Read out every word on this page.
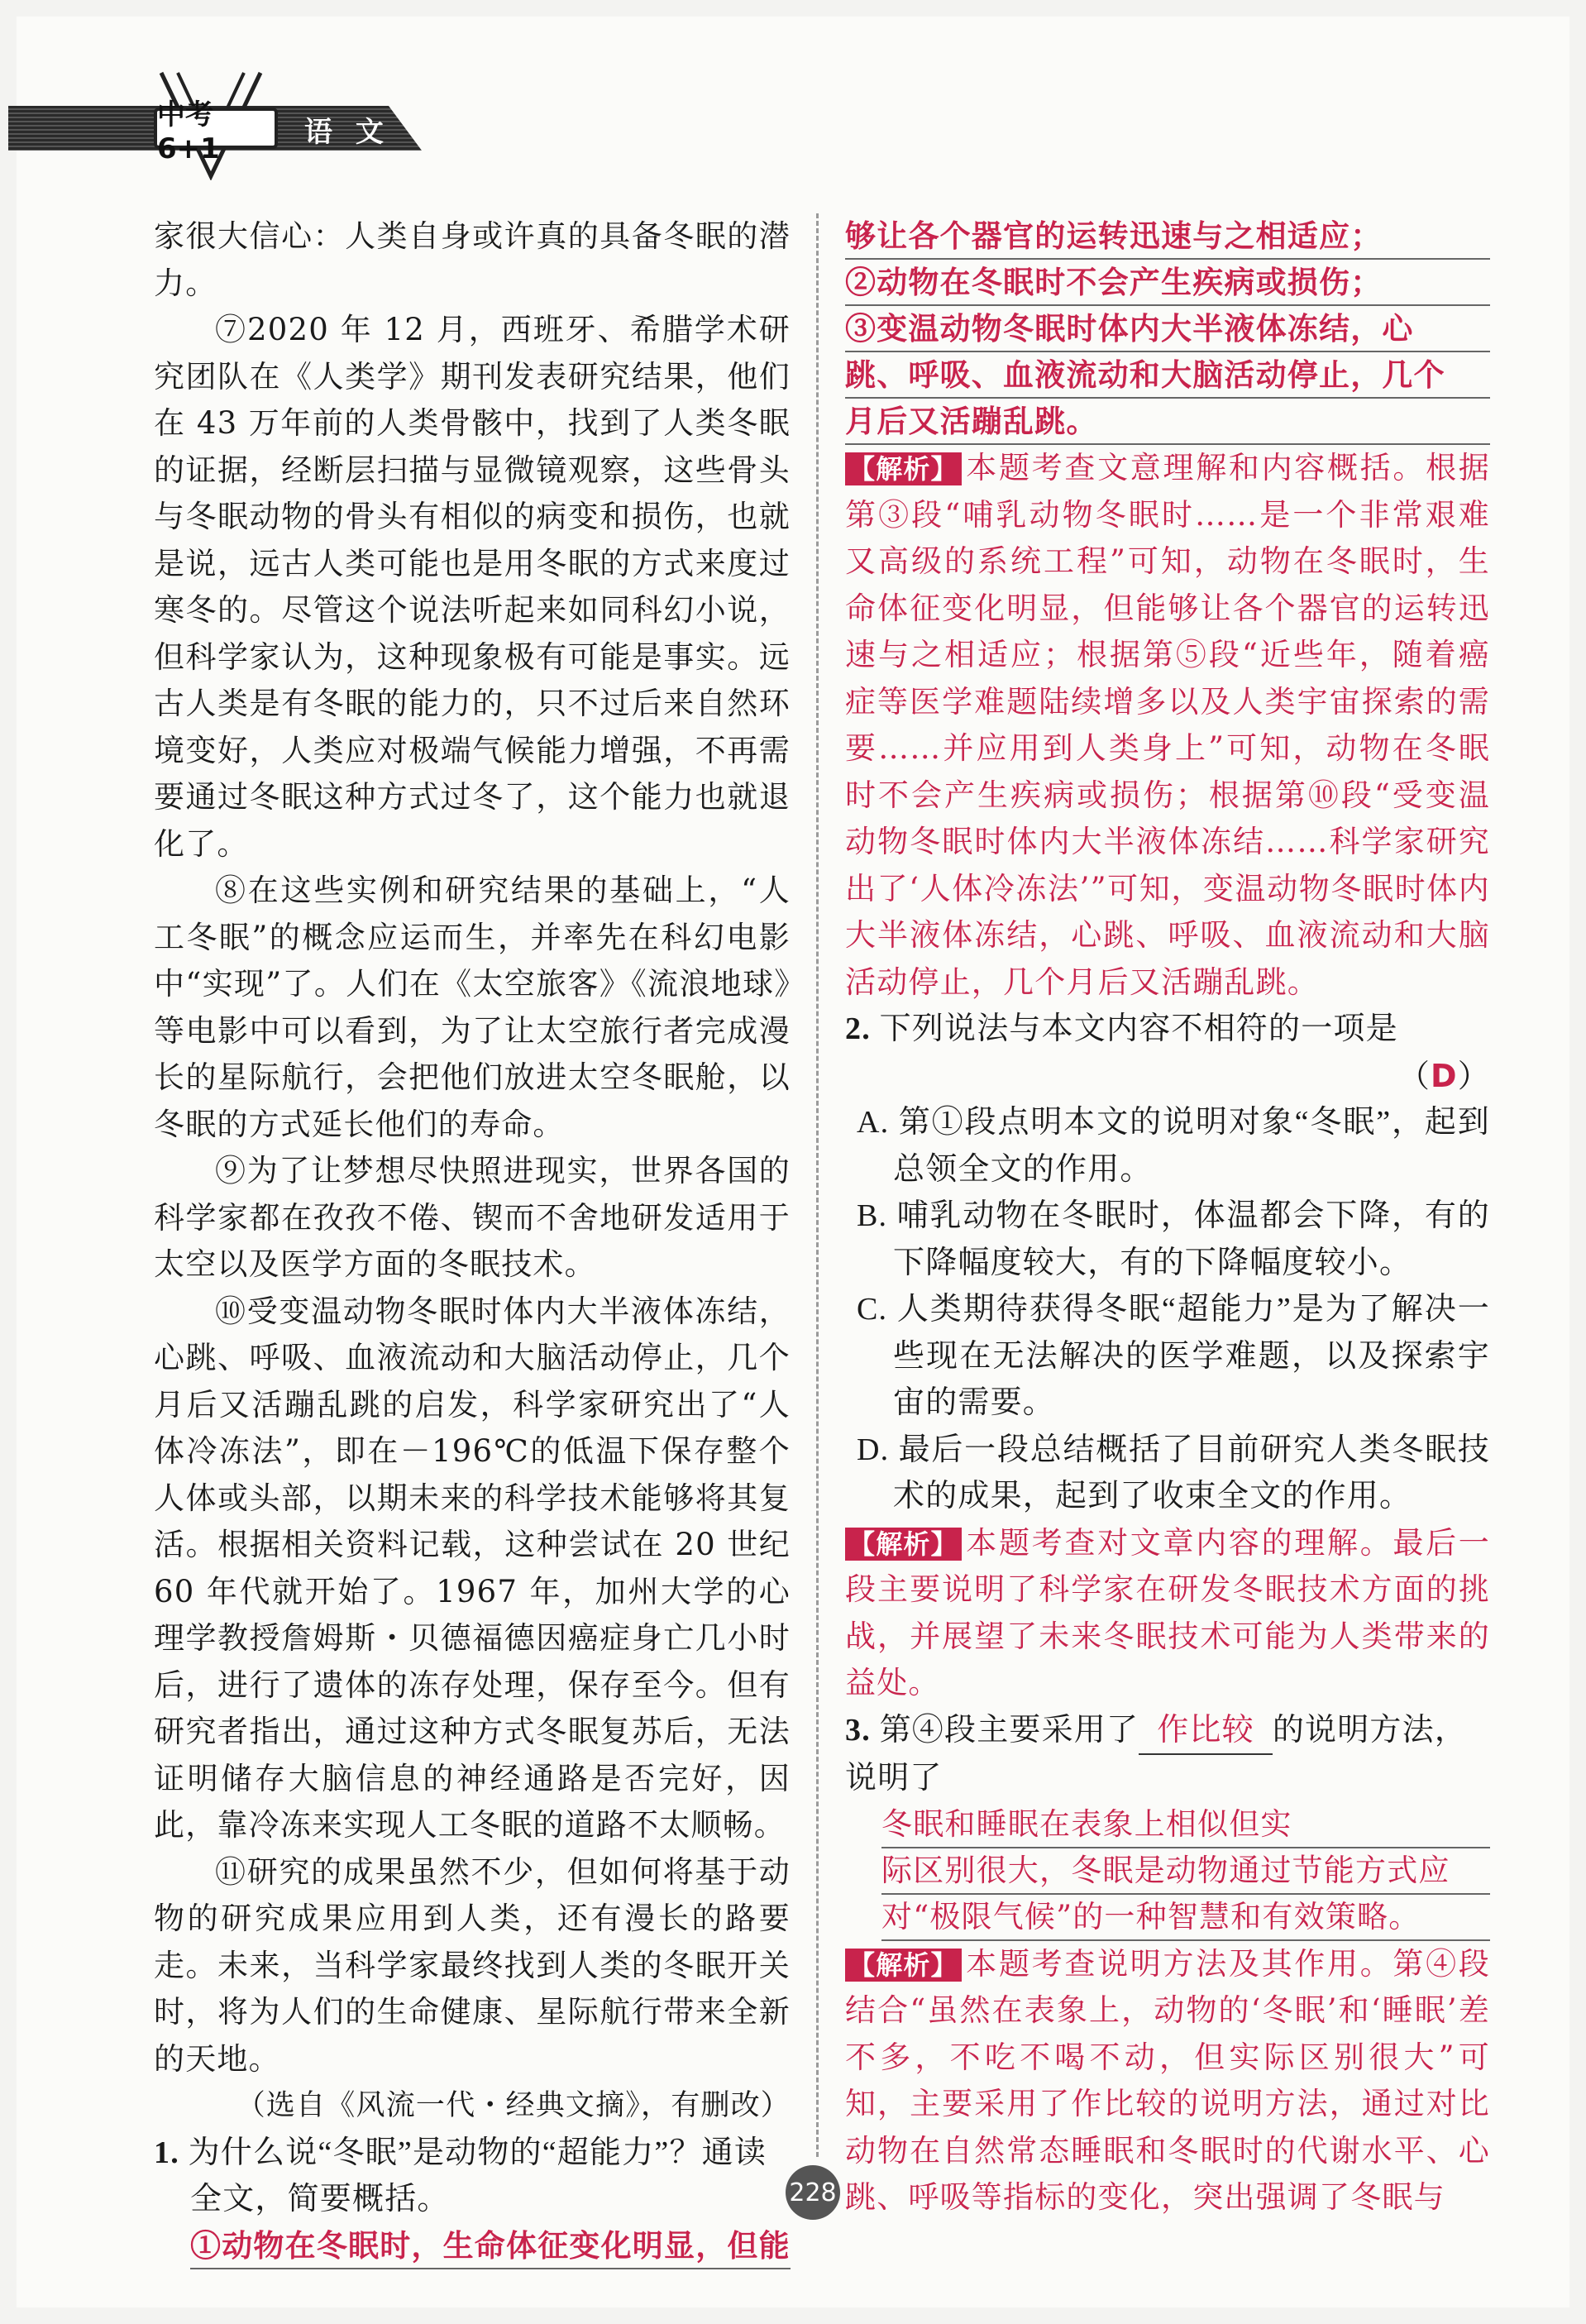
中考6+1	语 文

家很大信心：人类自身或许真的具备冬眠的潜力。

⑦2020 年 12 月，西班牙、希腊学术研究团队在《人类学》期刊发表研究结果，他们在 43 万年前的人类骨骸中，找到了人类冬眠的证据，经断层扫描与显微镜观察，这些骨头与冬眠动物的骨头有相似的病变和损伤，也就是说，远古人类可能也是用冬眠的方式来度过寒冬的。尽管这个说法听起来如同科幻小说，但科学家认为，这种现象极有可能是事实。远古人类是有冬眠的能力的，只不过后来自然环境变好，人类应对极端气候能力增强，不再需要通过冬眠这种方式过冬了，这个能力也就退化了。

⑧在这些实例和研究结果的基础上，“人工冬眠”的概念应运而生，并率先在科幻电影中“实现”了。人们在《太空旅客》《流浪地球》等电影中可以看到，为了让太空旅行者完成漫长的星际航行，会把他们放进太空冬眠舱，以冬眠的方式延长他们的寿命。

⑨为了让梦想尽快照进现实，世界各国的科学家都在孜孜不倦、锲而不舍地研发适用于太空以及医学方面的冬眠技术。

⑩受变温动物冬眠时体内大半液体冻结，心跳、呼吸、血液流动和大脑活动停止，几个月后又活蹦乱跳的启发，科学家研究出了“人体冷冻法”，即在－196℃的低温下保存整个人体或头部，以期未来的科学技术能够将其复活。根据相关资料记载，这种尝试在 20 世纪 60 年代就开始了。1967 年，加州大学的心理学教授詹姆斯・贝德福德因癌症身亡几小时后，进行了遗体的冻存处理，保存至今。但有研究者指出，通过这种方式冬眠复苏后，无法证明储存大脑信息的神经通路是否完好，因此，靠冷冻来实现人工冬眠的道路不太顺畅。

⑪研究的成果虽然不少，但如何将基于动物的研究成果应用到人类，还有漫长的路要走。未来，当科学家最终找到人类的冬眠开关时，将为人们的生命健康、星际航行带来全新的天地。

（选自《风流一代・经典文摘》，有删改）

1. 为什么说“冬眠”是动物的“超能力”？通读全文，简要概括。

①动物在冬眠时，生命体征变化明显，但能

够让各个器官的运转迅速与之相适应；

②动物在冬眠时不会产生疾病或损伤；

③变温动物冬眠时体内大半液体冻结，心

跳、呼吸、血液流动和大脑活动停止，几个

月后又活蹦乱跳。

【解析】 本题考查文意理解和内容概括。根据第③段“哺乳动物冬眠时……是一个非常艰难又高级的系统工程”可知，动物在冬眠时，生命体征变化明显，但能够让各个器官的运转迅速与之相适应；根据第⑤段“近些年，随着癌症等医学难题陆续增多以及人类宇宙探索的需要……并应用到人类身上”可知，动物在冬眠时不会产生疾病或损伤；根据第⑩段“受变温动物冬眠时体内大半液体冻结……科学家研究出了‘人体冷冻法’”可知，变温动物冬眠时体内大半液体冻结，心跳、呼吸、血液流动和大脑活动停止，几个月后又活蹦乱跳。

2. 下列说法与本文内容不相符的一项是

（D）

A. 第①段点明本文的说明对象“冬眠”，起到总领全文的作用。

B. 哺乳动物在冬眠时，体温都会下降，有的下降幅度较大，有的下降幅度较小。

C. 人类期待获得冬眠“超能力”是为了解决一些现在无法解决的医学难题，以及探索宇宙的需要。

D. 最后一段总结概括了目前研究人类冬眠技术的成果，起到了收束全文的作用。

【解析】 本题考查对文章内容的理解。最后一段主要说明了科学家在研发冬眠技术方面的挑战，并展望了未来冬眠技术可能为人类带来的益处。

3. 第④段主要采用了 作比较 的说明方法，说明了

冬眠和睡眠在表象上相似但实

际区别很大，冬眠是动物通过节能方式应

对“极限气候”的一种智慧和有效策略。

【解析】 本题考查说明方法及其作用。第④段结合“虽然在表象上，动物的‘冬眠’和‘睡眠’差不多，不吃不喝不动，但实际区别很大”可知，主要采用了作比较的说明方法，通过对比动物在自然常态睡眠和冬眠时的代谢水平、心跳、呼吸等指标的变化，突出强调了冬眠与

228
